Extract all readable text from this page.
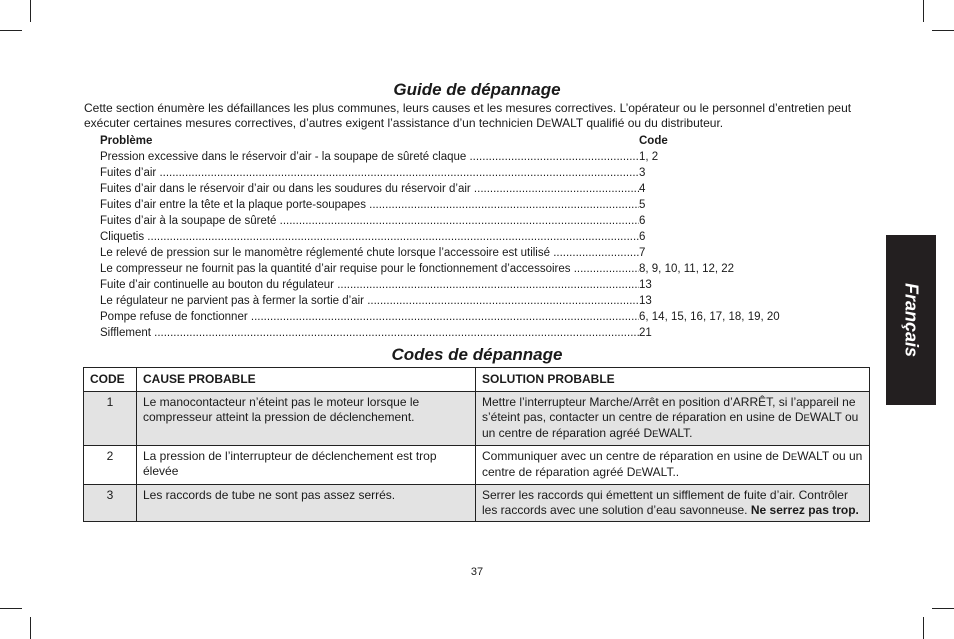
Guide de dépannage

Cette section énumère les défaillances les plus communes, leurs causes et les mesures correctives. L’opérateur ou le personnel d’entretien peut exécuter certaines mesures correctives, d’autres exigent l’assistance d’un technicien DEWALT qualifié ou du distributeur.

Problème	Code
Pression excessive dans le réservoir d’air - la soupape de sûreté claque .....	1, 2
Fuites d’air .....	3
Fuites d’air dans le réservoir d’air ou dans les soudures du réservoir d’air .....	4
Fuites d’air entre la tête et la plaque porte-soupapes .....	5
Fuites d’air à la soupape de sûreté .....	6
Cliquetis .....	6
Le relevé de pression sur le manomètre réglementé chute lorsque l’accessoire est utilisé .....	7
Le compresseur ne fournit pas la quantité d’air requise pour le fonctionnement d’accessoires .....	8, 9, 10, 11, 12, 22
Fuite d’air continuelle au bouton du régulateur .....	13
Le régulateur ne parvient pas à fermer la sortie d’air .....	13
Pompe refuse de fonctionner .....	6, 14, 15, 16, 17, 18, 19, 20
Sifflement .....	21
Codes de dépannage
CODE	CAUSE PROBABLE	SOLUTION PROBABLE
1	Le manocontacteur n’éteint pas le moteur lorsque le compresseur atteint la pression de déclenchement.	Mettre l’interrupteur Marche/Arrêt en position d’ARRÊT, si l’appareil ne s’éteint pas, contacter un centre de réparation en usine de DEWALT ou un centre de réparation agréé DEWALT.
2	La pression de l’interrupteur de déclenchement est trop élevée	Communiquer avec un centre de réparation en usine de DEWALT ou un centre de réparation agréé DEWALT..
3	Les raccords de tube ne sont pas assez serrés.	Serrer les raccords qui émettent un sifflement de fuite d’air. Contrôler les raccords avec une solution d’eau savonneuse. Ne serrez pas trop.
Français
37
